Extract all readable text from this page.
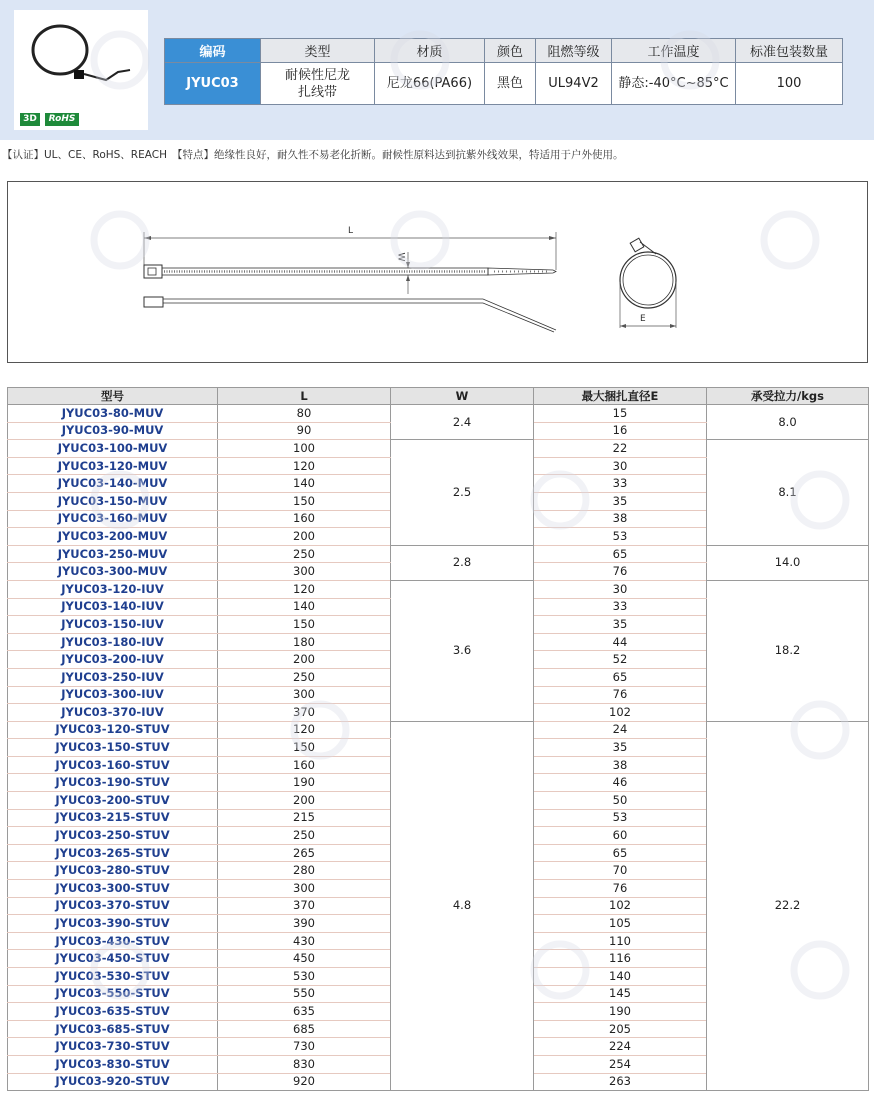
3D	RoHS
编码	类型	材质	颜色	阻燃等级	工作温度	标准包装数量
JYUC03	耐候性尼龙扎线带	尼龙66(PA66)	黑色	UL94V2	静态:-40°C~85°C	100
【认证】UL、CE、RoHS、REACH 【特点】绝缘性良好，耐久性不易老化折断。耐候性原料达到抗紫外线效果，特适用于户外使用。
L
W
E
型号	L	W	最大捆扎直径E	承受拉力/kgs
JYUC03-80-MUV	80	2.4	15	8.0
JYUC03-90-MUV	90		16	
JYUC03-100-MUV	100	2.5	22	8.1
JYUC03-120-MUV	120		30	
JYUC03-140-MUV	140		33	
JYUC03-150-MUV	150		35	
JYUC03-160-MUV	160		38	
JYUC03-200-MUV	200		53	
JYUC03-250-MUV	250	2.8	65	14.0
JYUC03-300-MUV	300		76	
JYUC03-120-IUV	120	3.6	30	18.2
JYUC03-140-IUV	140		33	
JYUC03-150-IUV	150		35	
JYUC03-180-IUV	180		44	
JYUC03-200-IUV	200		52	
JYUC03-250-IUV	250		65	
JYUC03-300-IUV	300		76	
JYUC03-370-IUV	370		102	
JYUC03-120-STUV	120	4.8	24	22.2
JYUC03-150-STUV	150		35	
JYUC03-160-STUV	160		38	
JYUC03-190-STUV	190		46	
JYUC03-200-STUV	200		50	
JYUC03-215-STUV	215		53	
JYUC03-250-STUV	250		60	
JYUC03-265-STUV	265		65	
JYUC03-280-STUV	280		70	
JYUC03-300-STUV	300		76	
JYUC03-370-STUV	370		102	
JYUC03-390-STUV	390		105	
JYUC03-430-STUV	430		110	
JYUC03-450-STUV	450		116	
JYUC03-530-STUV	530		140	
JYUC03-550-STUV	550		145	
JYUC03-635-STUV	635		190	
JYUC03-685-STUV	685		205	
JYUC03-730-STUV	730		224	
JYUC03-830-STUV	830		254	
JYUC03-920-STUV	920		263	
